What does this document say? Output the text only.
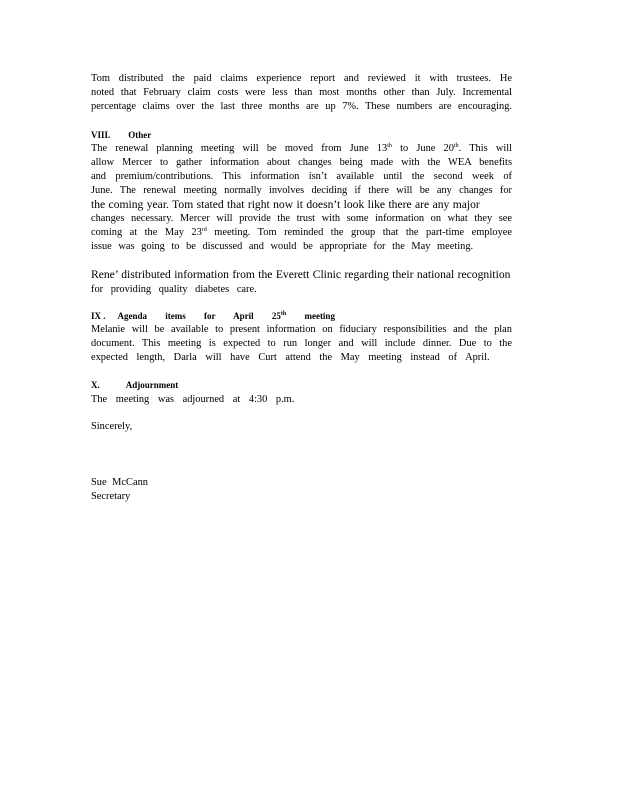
Tom distributed the paid claims experience report and reviewed it with trustees. He
noted that February claim costs were less than most months other than July. Incremental
percentage claims over the last three months are up 7%. These numbers are encouraging.
VIII. Other
The renewal planning meeting will be moved from June 13th to June 20th. This will
allow Mercer to gather information about changes being made with the WEA benefits
and premium/contributions. This information isn’t available until the second week of
June. The renewal meeting normally involves deciding if there will be any changes for
the coming year. Tom stated that right now it doesn’t look like there are any major
changes necessary. Mercer will provide the trust with some information on what they see
coming at the May 23rd meeting. Tom reminded the group that the part-time employee
issue was going to be discussed and would be appropriate for the May meeting.
Rene’ distributed information from the Everett Clinic regarding their national recognition
for providing quality diabetes care.
IX . Agenda items for April 25th meeting
Melanie will be available to present information on fiduciary responsibilities and the plan
document. This meeting is expected to run longer and will include dinner. Due to the
expected length, Darla will have Curt attend the May meeting instead of April.
X.	Adjournment
The meeting was adjourned at 4:30 p.m.
Sincerely,
Sue McCann
Secretary
